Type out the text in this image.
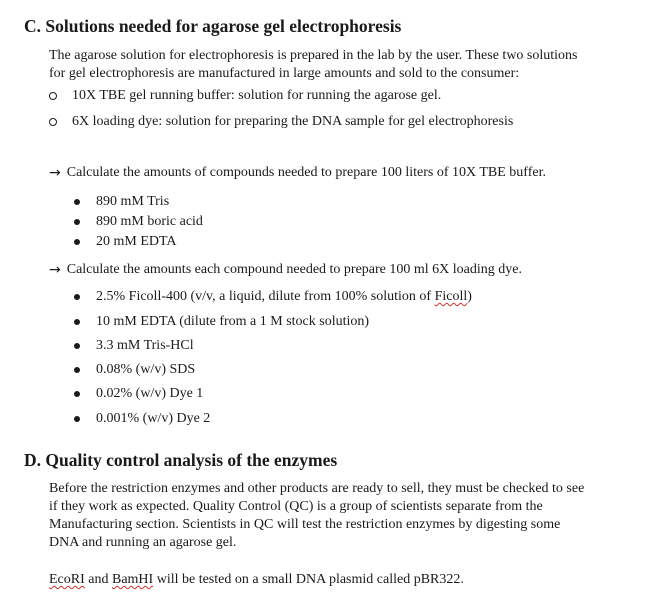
C. Solutions needed for agarose gel electrophoresis
The agarose solution for electrophoresis is prepared in the lab by the user. These two solutions
for gel electrophoresis are manufactured in large amounts and sold to the consumer:
10X TBE gel running buffer: solution for running the agarose gel.
6X loading dye: solution for preparing the DNA sample for gel electrophoresis
→ Calculate the amounts of compounds needed to prepare 100 liters of 10X TBE buffer.
890 mM Tris
890 mM boric acid
20 mM EDTA
→ Calculate the amounts each compound needed to prepare 100 ml 6X loading dye.
2.5% Ficoll-400 (v/v, a liquid, dilute from 100% solution of Ficoll)
10 mM EDTA (dilute from a 1 M stock solution)
3.3 mM Tris-HCl
0.08% (w/v) SDS
0.02% (w/v) Dye 1
0.001% (w/v) Dye 2
D. Quality control analysis of the enzymes
Before the restriction enzymes and other products are ready to sell, they must be checked to see
if they work as expected. Quality Control (QC) is a group of scientists separate from the
Manufacturing section. Scientists in QC will test the restriction enzymes by digesting some
DNA and running an agarose gel.
EcoRI and BamHI will be tested on a small DNA plasmid called pBR322.
